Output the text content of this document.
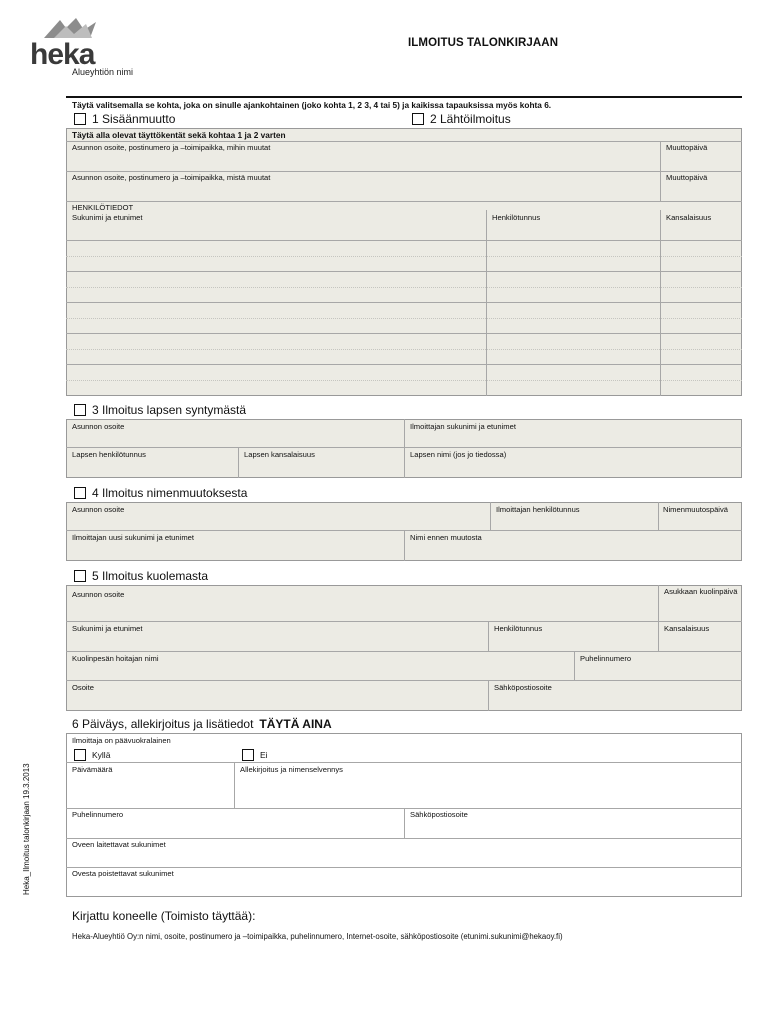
heka
Alueyhtiön nimi
ILMOITUS TALONKIRJAAN
Heka_Ilmoitus talonkirjaan 19.3.2013
Täytä valitsemalla se kohta, joka on sinulle ajankohtainen (joko kohta 1, 2 3, 4 tai 5) ja kaikissa tapauksissa myös kohta 6.
1 Sisäänmuutto	2 Lähtöilmoitus
Täytä alla olevat täyttökentät sekä kohtaa 1 ja 2 varten
Asunnon osoite, postinumero ja –toimipaikka, mihin muutat	Muuttopäivä
Asunnon osoite, postinumero ja –toimipaikka, mistä muutat	Muuttopäivä
HENKILÖTIEDOT
Sukunimi ja etunimet	Henkilötunnus	Kansalaisuus
3 Ilmoitus lapsen syntymästä
Asunnon osoite	Ilmoittajan sukunimi ja etunimet
Lapsen henkilötunnus	Lapsen kansalaisuus	Lapsen nimi (jos jo tiedossa)
4 Ilmoitus nimenmuutoksesta
Asunnon osoite	Ilmoittajan henkilötunnus	Nimenmuutospäivä
Ilmoittajan uusi sukunimi ja etunimet	Nimi ennen muutosta
5 Ilmoitus kuolemasta
Asunnon osoite	Asukkaan kuolinpäivä
Sukunimi ja etunimet	Henkilötunnus	Kansalaisuus
Kuolinpesän hoitajan nimi	Puhelinnumero
Osoite	Sähköpostiosoite
6 Päiväys, allekirjoitus ja lisätiedot TÄYTÄ AINA
Ilmoittaja on päävuokralainen
Kyllä	Ei
Päivämäärä	Allekirjoitus ja nimenselvennys
Puhelinnumero	Sähköpostiosoite
Oveen laitettavat sukunimet
Ovesta poistettavat sukunimet
Kirjattu koneelle (Toimisto täyttää):
Heka-Alueyhtiö Oy:n nimi, osoite, postinumero ja –toimipaikka, puhelinnumero, Internet-osoite, sähköpostiosoite (etunimi.sukunimi@hekaoy.fi)
